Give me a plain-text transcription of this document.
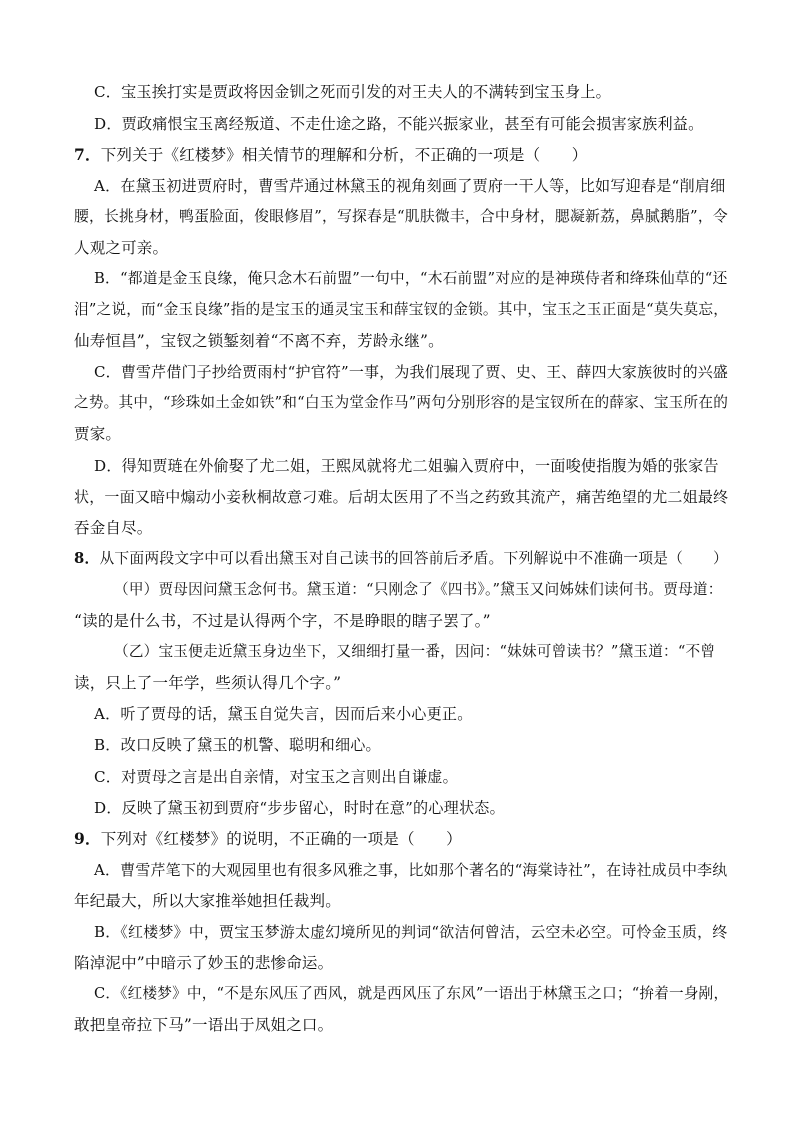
C．宝玉挨打实是贾政将因金钏之死而引发的对王夫人的不满转到宝玉身上。
D．贾政痛恨宝玉离经叛道、不走仕途之路，不能兴振家业，甚至有可能会损害家族利益。
7．下列关于《红楼梦》相关情节的理解和分析，不正确的一项是（　　）
A．在黛玉初进贾府时，曹雪芹通过林黛玉的视角刻画了贾府一干人等，比如写迎春是“削肩细
腰，长挑身材，鸭蛋脸面，俊眼修眉”，写探春是“肌肤微丰，合中身材，腮凝新荔，鼻腻鹅脂”，令
人观之可亲。
B．“都道是金玉良缘，俺只念木石前盟”一句中，“木石前盟”对应的是神瑛侍者和绛珠仙草的“还
泪”之说，而“金玉良缘”指的是宝玉的通灵宝玉和薛宝钗的金锁。其中，宝玉之玉正面是“莫失莫忘，
仙寿恒昌”，宝钗之锁錾刻着“不离不弃，芳龄永继”。
C．曹雪芹借门子抄给贾雨村“护官符”一事，为我们展现了贾、史、王、薛四大家族彼时的兴盛
之势。其中，“珍珠如土金如铁”和“白玉为堂金作马”两句分别形容的是宝钗所在的薛家、宝玉所在的
贾家。
D．得知贾琏在外偷娶了尤二姐，王熙凤就将尤二姐骗入贾府中，一面唆使指腹为婚的张家告
状，一面又暗中煽动小妾秋桐故意刁难。后胡太医用了不当之药致其流产，痛苦绝望的尤二姐最终
吞金自尽。
8．从下面两段文字中可以看出黛玉对自己读书的回答前后矛盾。下列解说中不准确一项是（　　）
（甲）贾母因问黛玉念何书。黛玉道：“只刚念了《四书》。”黛玉又问姊妹们读何书。贾母道：
“读的是什么书，不过是认得两个字，不是睁眼的瞎子罢了。”
（乙）宝玉便走近黛玉身边坐下，又细细打量一番，因问：“妹妹可曾读书？”黛玉道：“不曾
读，只上了一年学，些须认得几个字。”
A．听了贾母的话，黛玉自觉失言，因而后来小心更正。
B．改口反映了黛玉的机警、聪明和细心。
C．对贾母之言是出自亲情，对宝玉之言则出自谦虚。
D．反映了黛玉初到贾府“步步留心，时时在意”的心理状态。
9．下列对《红楼梦》的说明，不正确的一项是（　　）
A．曹雪芹笔下的大观园里也有很多风雅之事，比如那个著名的“海棠诗社”，在诗社成员中李纨
年纪最大，所以大家推举她担任裁判。
B．《红楼梦》中，贾宝玉梦游太虚幻境所见的判词“欲洁何曾洁，云空未必空。可怜金玉质，终
陷淖泥中”中暗示了妙玉的悲惨命运。
C．《红楼梦》中，“不是东风压了西风，就是西风压了东风”一语出于林黛玉之口；“拚着一身剐，
敢把皇帝拉下马”一语出于凤姐之口。
